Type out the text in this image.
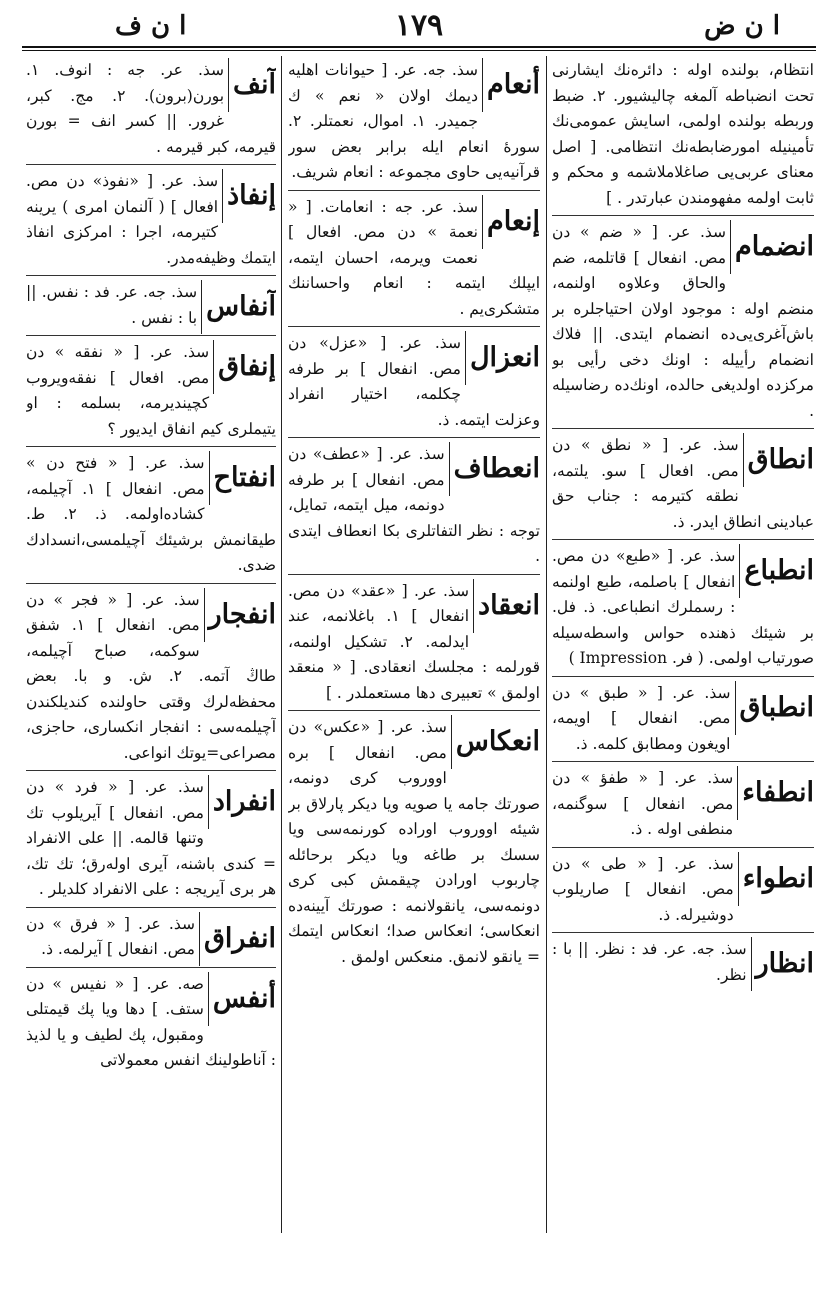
ا ن ض
١٧٩
ا ن ف
انتظام، بولنده اوله : دائره‌نك ایشارنی تحت انضباطه آلمغه چالیشیور. ٢. ضبط وربطه بولنده اولمی، اسایش عمومی‌نك تأمینیله امورضابطه‌نك انتظامی. [ اصل معنای عربی‌یی صاغلاملاشمه و محکم و ثابت اولمه مفهومندن عبارتدر . ]
انضمام
سذ. عر. [ « ضم » دن مص. انفعال ] قاتلمه، ضم والحاق وعلاوه اولنمه، منضم اوله : موجود اولان احتیاجلره بر باش‌آغری‌یی‌ده انضمام ایتدی. || فلاك انضمام رأییله : اونك دخی رأیی بو مرکزده اولدیغی حالده، اونك‌ده رضاسیله .
انطاق
سذ. عر. [ « نطق » دن مص. افعال ] سو. یلتمه، نطقه کتیرمه : جناب حق عبادینی انطاق ایدر. ذ.
انطباع
سذ. عر. [ «طبع» دن مص. انفعال ] باصلمه، طبع اولنمه : رسملرك انطباعی. ذ. فل. بر شیئك ذهنده حواس واسطه‌سیله صورتیاب اولمی. ( فر. Impression )
انطباق
سذ. عر. [ « طبق » دن مص. انفعال ] اویمه، اویغون ومطابق کلمه. ذ.
انطفاء
سذ. عر. [ « طفؤ » دن مص. انفعال ] سوگنمه، منطفی اوله . ذ.
انطواء
سذ. عر. [ « طی » دن مص. انفعال ] صاریلوب دوشیرله. ذ.
انظار
سذ. جه. عر. فد : نظر. || با : نظر.
أنعام
سذ. جه. عر. [ حیوانات اهلیه دیمك اولان « نعم » ك جمیدر. ١. اموال، نعمتلر. ٢. سورۀ انعام ایله برابر بعض سور قرآنیه‌یی حاوی مجموعه : انعام شریف.
إنعام
سذ. عر. جه : انعامات. [ « نعمة » دن مص. افعال ] نعمت ویرمه، احسان ایتمه، ایپلك ایتمه : انعام واحساننك متشکری‌یم .
انعزال
سذ. عر. [ «عزل» دن مص. انفعال ] بر طرفه چکلمه، اختیار انفراد وعزلت ایتمه. ذ.
انعطاف
سذ. عر. [ «عطف» دن مص. انفعال ] بر طرفه دونمه، میل ایتمه، تمایل، توجه : نظر التفاتلری بکا انعطاف ایتدی .
انعقاد
سذ. عر. [ «عقد» دن مص. انفعال ] ١. باغلانمه، عند ایدلمه. ٢. تشکیل اولنمه، قورلمه : مجلسك انعقادی. [ « منعقد اولمق » تعبیری دها مستعملدر . ]
انعکاس
سذ. عر. [ «عکس» دن مص. انفعال ] بره اووروب کری دونمه، صورتك جامه یا صویه ویا دیکر پارلاق بر شیئه اووروب اوراده کورنمه‌سی ویا سسك بر طاغه ویا دیکر برحائله چاربوب اورادن چیقمش کبی کری دونمه‌سی، یانقولانمه : صورتك آیینه‌ده انعکاسی؛ انعکاس صدا؛ انعکاس ایتمك = یانقو لانمق. منعکس اولمق .
آنف
سذ. عر. جه : انوف. ١. بورن(برون). ٢. مج. کبر، غرور. || کسر انف = بورن قیرمه، کبر قیرمه .
إنفاذ
سذ. عر. [ «نفوذ» دن مص. افعال ] ( آلنمان امری ) یرینه کتیرمه، اجرا : امرکزی انفاذ ایتمك وظیفه‌مدر.
آنفاس
سذ. جه. عر. فد : نفس. || با : نفس .
إنفاق
سذ. عر. [ « نفقه » دن مص. افعال ] نفقه‌ویروب کچیندیرمه، بسلمه : او یتیملری کیم انفاق ایدیور ؟
انفتاح
سذ. عر. [ « فتح دن » مص. انفعال ] ١. آچیلمه، کشاده‌اولمه. ذ. ٢. ط. طیقانمش برشیئك آچیلمسی،انسدادك ضدی.
انفجار
سذ. عر. [ « فجر » دن مص. انفعال ] ١. شفق سوکمه، صباح آچیلمه، طاڭ آتمه. ٢. ش. و با. بعض محفظه‌لرك وقتی حاولنده کندیلکندن آچیلمه‌سی : انفجار انکساری، حاجزی، مصراعی=یوتك انواعی.
انفراد
سذ. عر. [ « فرد » دن مص. انفعال ] آیریلوب تك وتنها قالمه. || علی الانفراد = کندی باشنه، آیری اوله‌رق؛ تك تك، هر بری آیریجه : علی الانفراد کلدیلر .
انفراق
سذ. عر. [ « فرق » دن مص. انفعال ] آیرلمه. ذ.
أنفس
صه. عر. [ « نفیس » دن ستف. ] دها ویا پك قیمتلی ومقبول، پك لطیف و یا لذیذ : آناطولینك انفس معمولاتی
